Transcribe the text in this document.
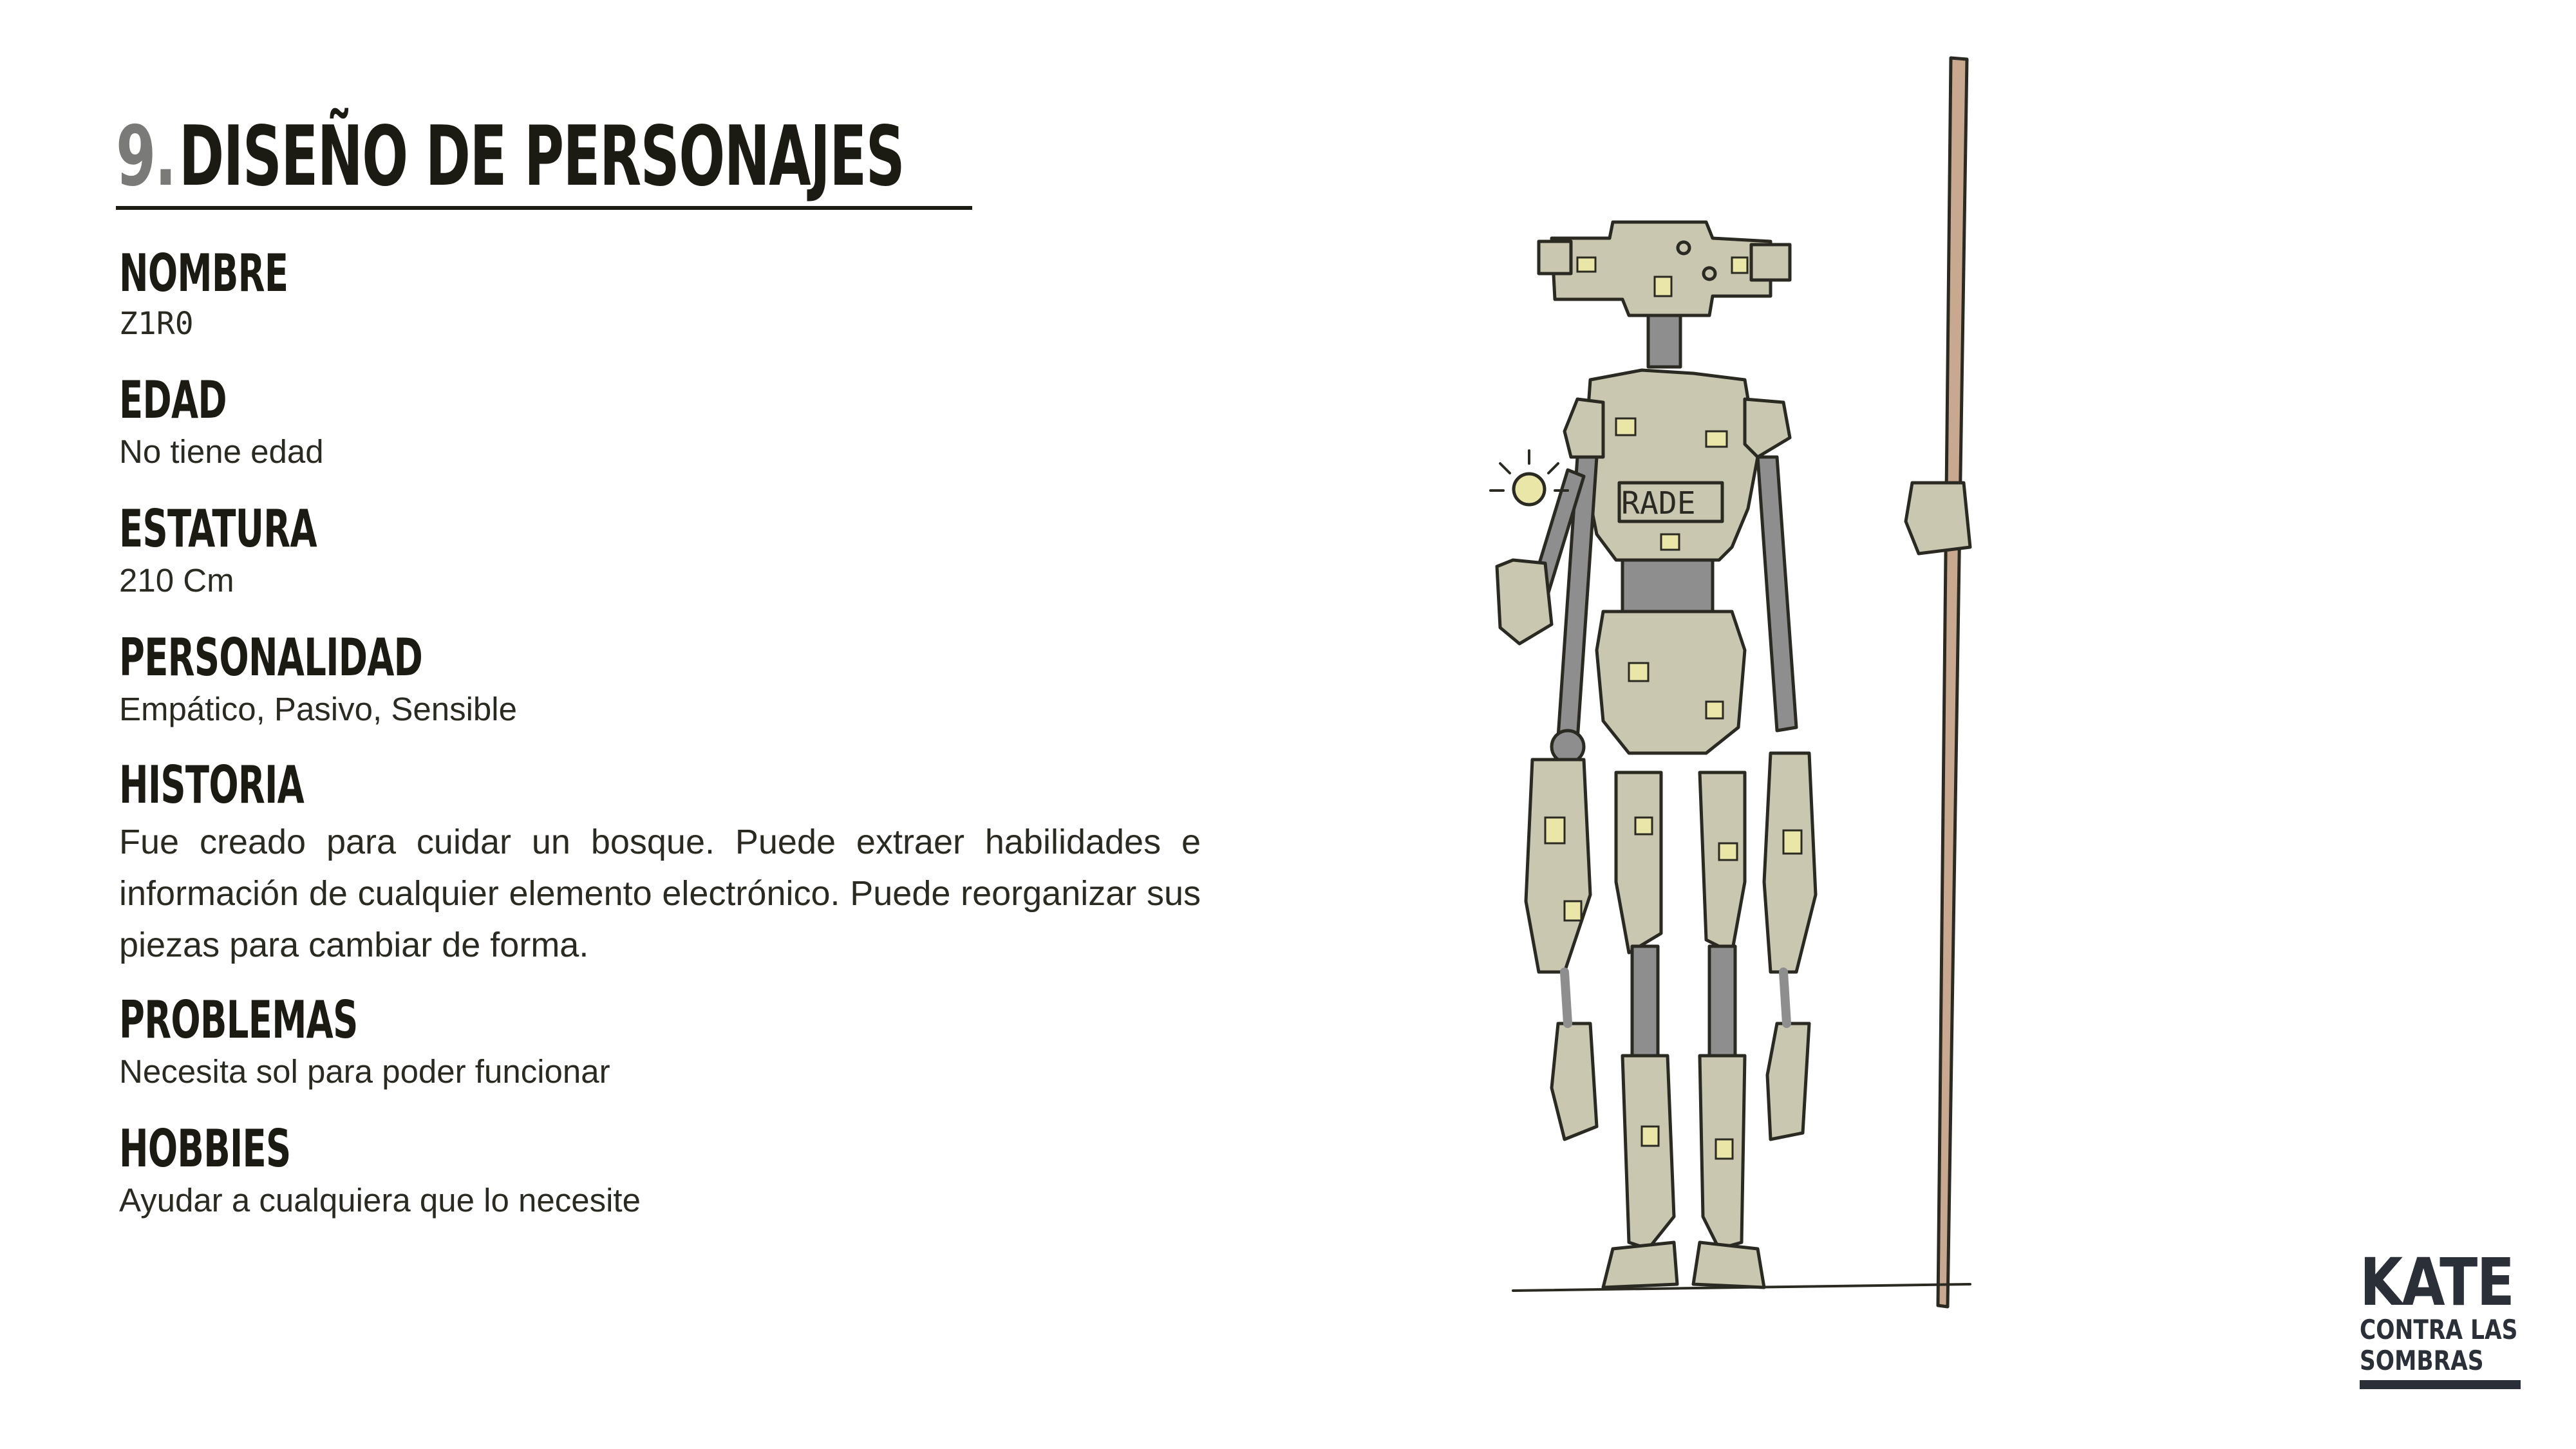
9. DISEÑO DE PERSONAJES
NOMBRE
Z1R0
EDAD
No tiene edad
ESTATURA
210 Cm
PERSONALIDAD
Empático, Pasivo, Sensible
HISTORIA
Fue creado para cuidar un bosque. Puede extraer habilidades e información de cualquier elemento electrónico. Puede reorganizar sus piezas para cambiar de forma.
PROBLEMAS
Necesita sol para poder funcionar
HOBBIES
Ayudar a cualquiera que lo necesite
RADE
KATE
CONTRA LAS
SOMBRAS
